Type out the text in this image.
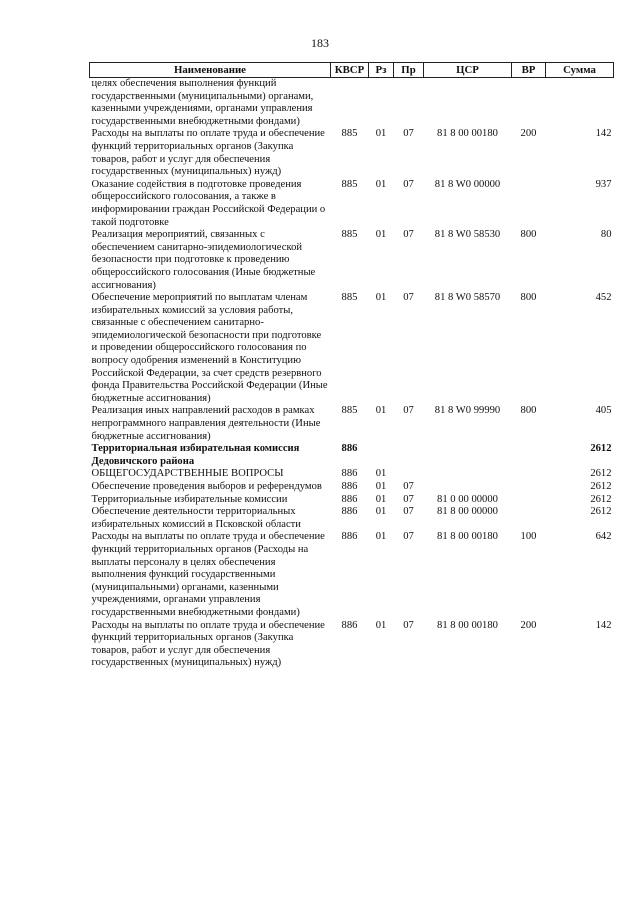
183
Наименование	КВСР	Рз	Пр	ЦСР	ВР	Сумма
целях обеспечения выполнения функций государственными (муниципальными) органами, казенными учреждениями, органами управления государственными внебюджетными фондами)						
Расходы на выплаты по оплате труда и обеспечение функций территориальных органов (Закупка товаров, работ и услуг для обеспечения государственных (муниципальных) нужд)	885	01	07	81 8 00 00180	200	142
Оказание содействия в подготовке проведения общероссийского голосования, а также в информировании граждан Российской Федерации о такой подготовке	885	01	07	81 8 W0 00000		937
Реализация мероприятий, связанных с обеспечением санитарно-эпидемиологической безопасности при подготовке к проведению общероссийского голосования (Иные бюджетные ассигнования)	885	01	07	81 8 W0 58530	800	80
Обеспечение мероприятий по выплатам членам избирательных комиссий за условия работы, связанные с обеспечением санитарно-эпидемиологической безопасности при подготовке и проведении общероссийского голосования по вопросу одобрения изменений в Конституцию Российской Федерации, за счет средств резервного фонда Правительства Российской Федерации (Иные бюджетные ассигнования)	885	01	07	81 8 W0 58570	800	452
Реализация иных направлений расходов в рамках непрограммного направления деятельности (Иные бюджетные ассигнования)	885	01	07	81 8 W0 99990	800	405
Территориальная избирательная комиссия Дедовичского района	886					2612
ОБЩЕГОСУДАРСТВЕННЫЕ ВОПРОСЫ	886	01				2612
Обеспечение проведения выборов и референдумов	886	01	07			2612
Территориальные избирательные комиссии	886	01	07	81 0 00 00000		2612
Обеспечение деятельности территориальных избирательных комиссий в Псковской области	886	01	07	81 8 00 00000		2612
Расходы на выплаты по оплате труда и обеспечение функций территориальных органов (Расходы на выплаты персоналу в целях обеспечения выполнения функций государственными (муниципальными) органами, казенными учреждениями, органами управления государственными внебюджетными фондами)	886	01	07	81 8 00 00180	100	642
Расходы на выплаты по оплате труда и обеспечение функций территориальных органов (Закупка товаров, работ и услуг для обеспечения государственных (муниципальных) нужд)	886	01	07	81 8 00 00180	200	142
